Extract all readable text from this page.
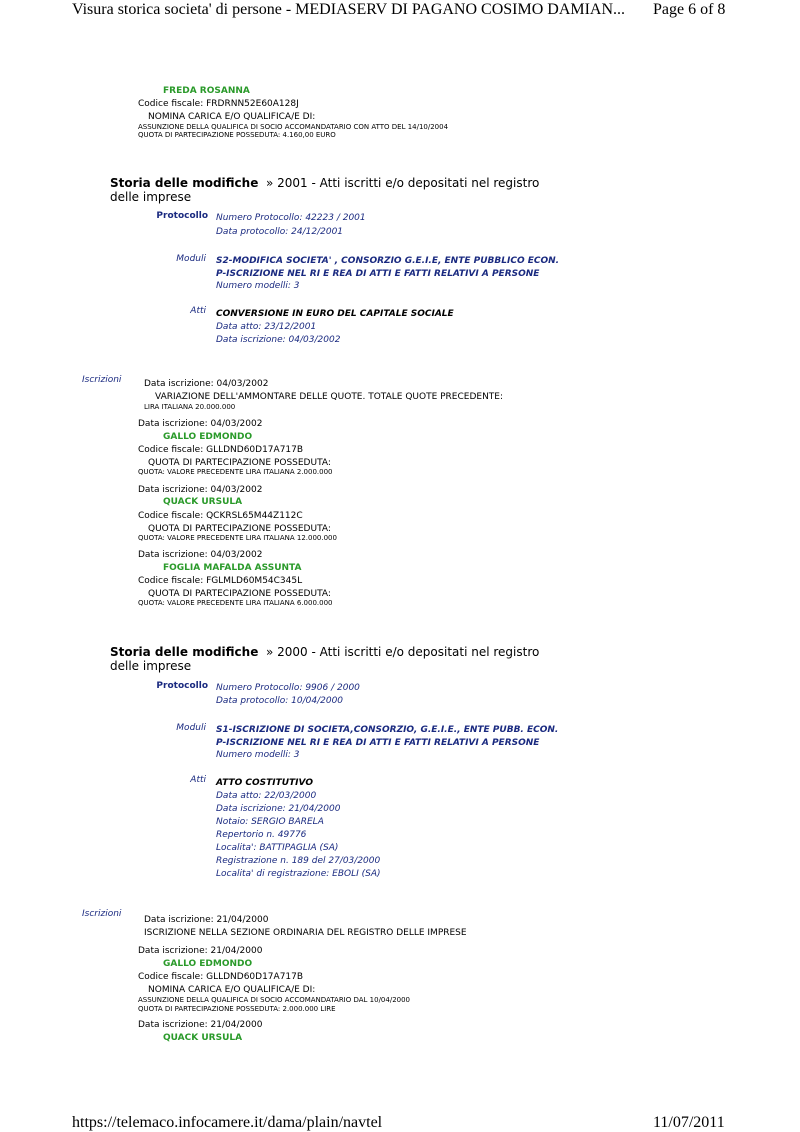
Visura storica societa' di persone - MEDIASERV DI PAGANO COSIMO DAMIAN... Page 6 of 8
FREDA ROSANNA
Codice fiscale: FRDRNN52E60A128J
NOMINA CARICA E/O QUALIFICA/E DI:
ASSUNZIONE DELLA QUALIFICA DI SOCIO ACCOMANDATARIO CON ATTO DEL 14/10/2004
QUOTA DI PARTECIPAZIONE POSSEDUTA: 4.160,00 EURO
Storia delle modifiche » 2001 - Atti iscritti e/o depositati nel registro delle imprese
Protocollo Numero Protocollo: 42223 / 2001
Data protocollo: 24/12/2001
Moduli S2-MODIFICA SOCIETA' , CONSORZIO G.E.I.E, ENTE PUBBLICO ECON.
P-ISCRIZIONE NEL RI E REA DI ATTI E FATTI RELATIVI A PERSONE
Numero modelli: 3
Atti CONVERSIONE IN EURO DEL CAPITALE SOCIALE
Data atto: 23/12/2001
Data iscrizione: 04/03/2002
Iscrizioni	Data iscrizione: 04/03/2002
VARIAZIONE DELL'AMMONTARE DELLE QUOTE. TOTALE QUOTE PRECEDENTE:
LIRA ITALIANA 20.000.000
Data iscrizione: 04/03/2002
GALLO EDMONDO
Codice fiscale: GLLDND60D17A717B
QUOTA DI PARTECIPAZIONE POSSEDUTA:
QUOTA: VALORE PRECEDENTE LIRA ITALIANA 2.000.000
Data iscrizione: 04/03/2002
QUACK URSULA
Codice fiscale: QCKRSL65M44Z112C
QUOTA DI PARTECIPAZIONE POSSEDUTA:
QUOTA: VALORE PRECEDENTE LIRA ITALIANA 12.000.000
Data iscrizione: 04/03/2002
FOGLIA MAFALDA ASSUNTA
Codice fiscale: FGLMLD60M54C345L
QUOTA DI PARTECIPAZIONE POSSEDUTA:
QUOTA: VALORE PRECEDENTE LIRA ITALIANA 6.000.000
Storia delle modifiche » 2000 - Atti iscritti e/o depositati nel registro delle imprese
Protocollo Numero Protocollo: 9906 / 2000
Data protocollo: 10/04/2000
Moduli S1-ISCRIZIONE DI SOCIETA,CONSORZIO, G.E.I.E., ENTE PUBB. ECON.
P-ISCRIZIONE NEL RI E REA DI ATTI E FATTI RELATIVI A PERSONE
Numero modelli: 3
Atti ATTO COSTITUTIVO
Data atto: 22/03/2000
Data iscrizione: 21/04/2000
Notaio: SERGIO BARELA
Repertorio n. 49776
Localita': BATTIPAGLIA (SA)
Registrazione n. 189 del 27/03/2000
Localita' di registrazione: EBOLI (SA)
Iscrizioni
Data iscrizione: 21/04/2000
ISCRIZIONE NELLA SEZIONE ORDINARIA DEL REGISTRO DELLE IMPRESE
Data iscrizione: 21/04/2000
GALLO EDMONDO
Codice fiscale: GLLDND60D17A717B
NOMINA CARICA E/O QUALIFICA/E DI:
ASSUNZIONE DELLA QUALIFICA DI SOCIO ACCOMANDATARIO DAL 10/04/2000
QUOTA DI PARTECIPAZIONE POSSEDUTA: 2.000.000 LIRE
Data iscrizione: 21/04/2000
QUACK URSULA
https://telemaco.infocamere.it/dama/plain/navtel	11/07/2011
